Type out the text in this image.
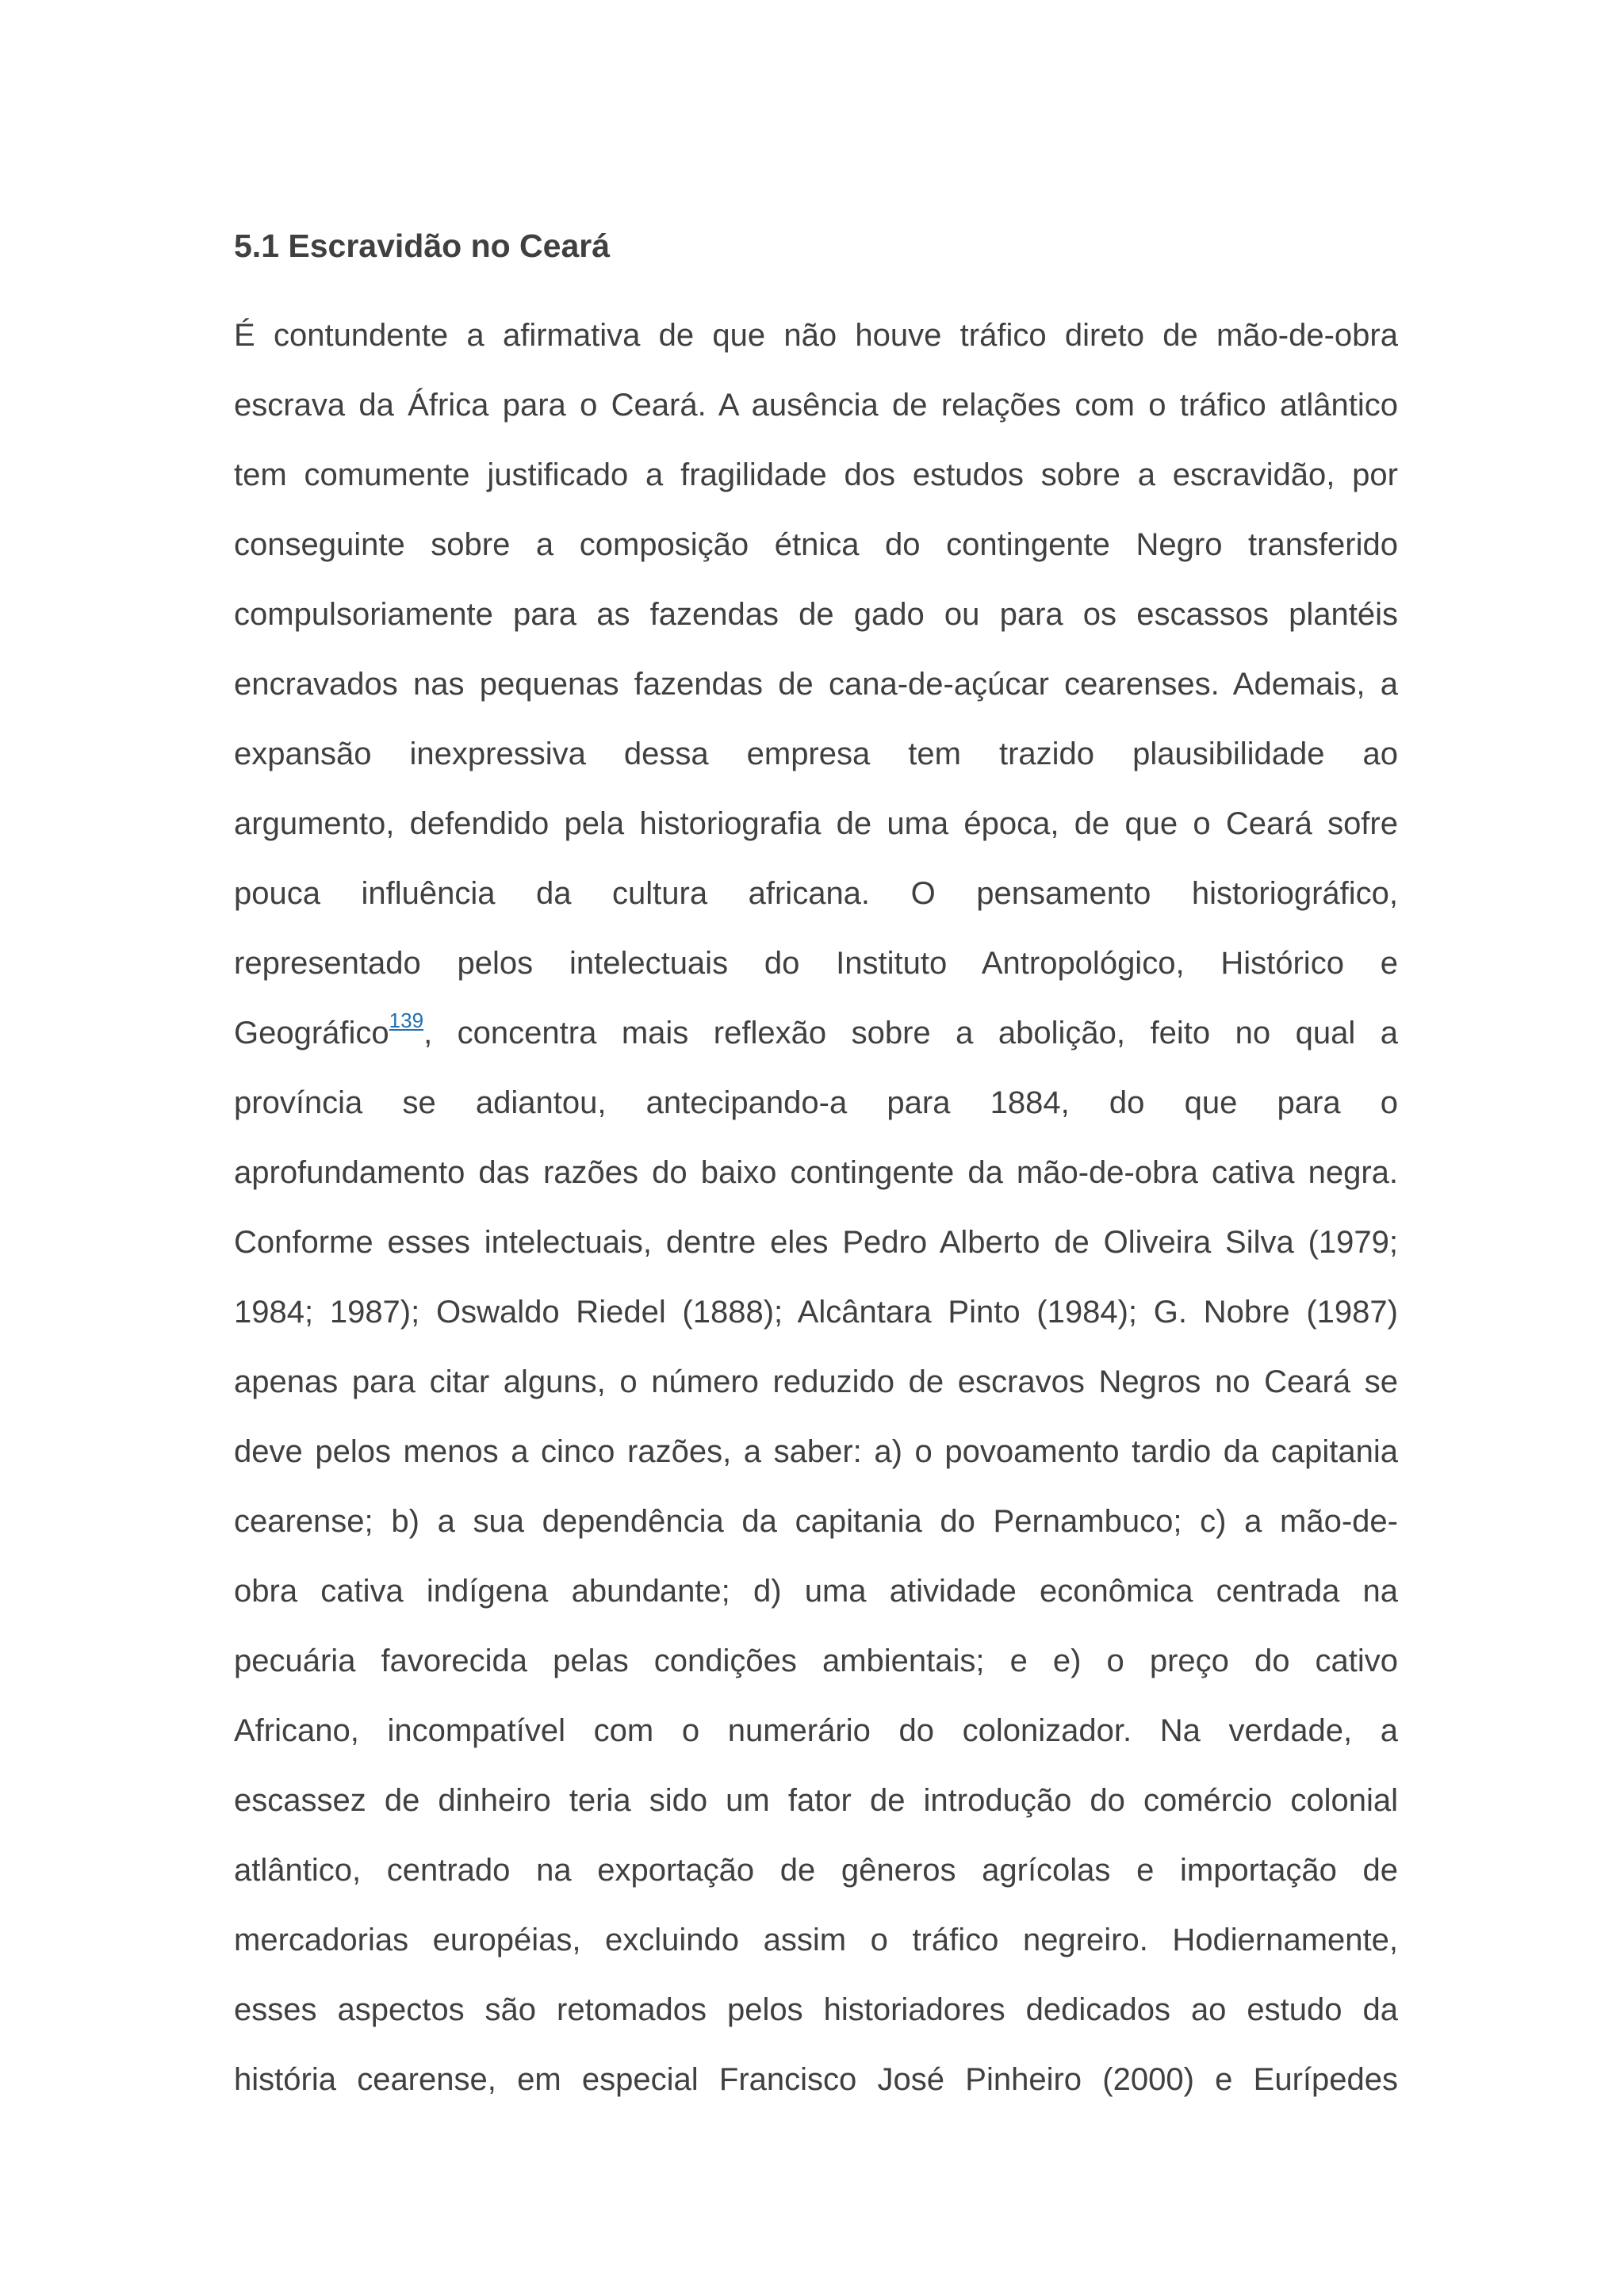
5.1 Escravidão no Ceará
É contundente a afirmativa de que não houve tráfico direto de mão-de-obra
escrava da África para o Ceará. A ausência de relações com o tráfico atlântico
tem comumente justificado a fragilidade dos estudos sobre a escravidão, por
conseguinte sobre a composição étnica do contingente Negro transferido
compulsoriamente para as fazendas de gado ou para os escassos plantéis
encravados nas pequenas fazendas de cana-de-açúcar cearenses. Ademais, a
expansão inexpressiva dessa empresa tem trazido plausibilidade ao
argumento, defendido pela historiografia de uma época, de que o Ceará sofre
pouca influência da cultura africana. O pensamento historiográfico,
representado pelos intelectuais do Instituto Antropológico, Histórico e
Geográfico$^{139}$, concentra mais reflexão sobre a abolição, feito no qual a
província se adiantou, antecipando-a para 1884, do que para o
aprofundamento das razões do baixo contingente da mão-de-obra cativa negra.
Conforme esses intelectuais, dentre eles Pedro Alberto de Oliveira Silva (1979;
1984; 1987); Oswaldo Riedel (1888); Alcântara Pinto (1984); G. Nobre (1987)
apenas para citar alguns, o número reduzido de escravos Negros no Ceará se
deve pelos menos a cinco razões, a saber: a) o povoamento tardio da capitania
cearense; b) a sua dependência da capitania do Pernambuco; c) a mão-de-
obra cativa indígena abundante; d) uma atividade econômica centrada na
pecuária favorecida pelas condições ambientais; e e) o preço do cativo
Africano, incompatível com o numerário do colonizador. Na verdade, a
escassez de dinheiro teria sido um fator de introdução do comércio colonial
atlântico, centrado na exportação de gêneros agrícolas e importação de
mercadorias européias, excluindo assim o tráfico negreiro. Hodiernamente,
esses aspectos são retomados pelos historiadores dedicados ao estudo da
história cearense, em especial Francisco José Pinheiro (2000) e Eurípedes
